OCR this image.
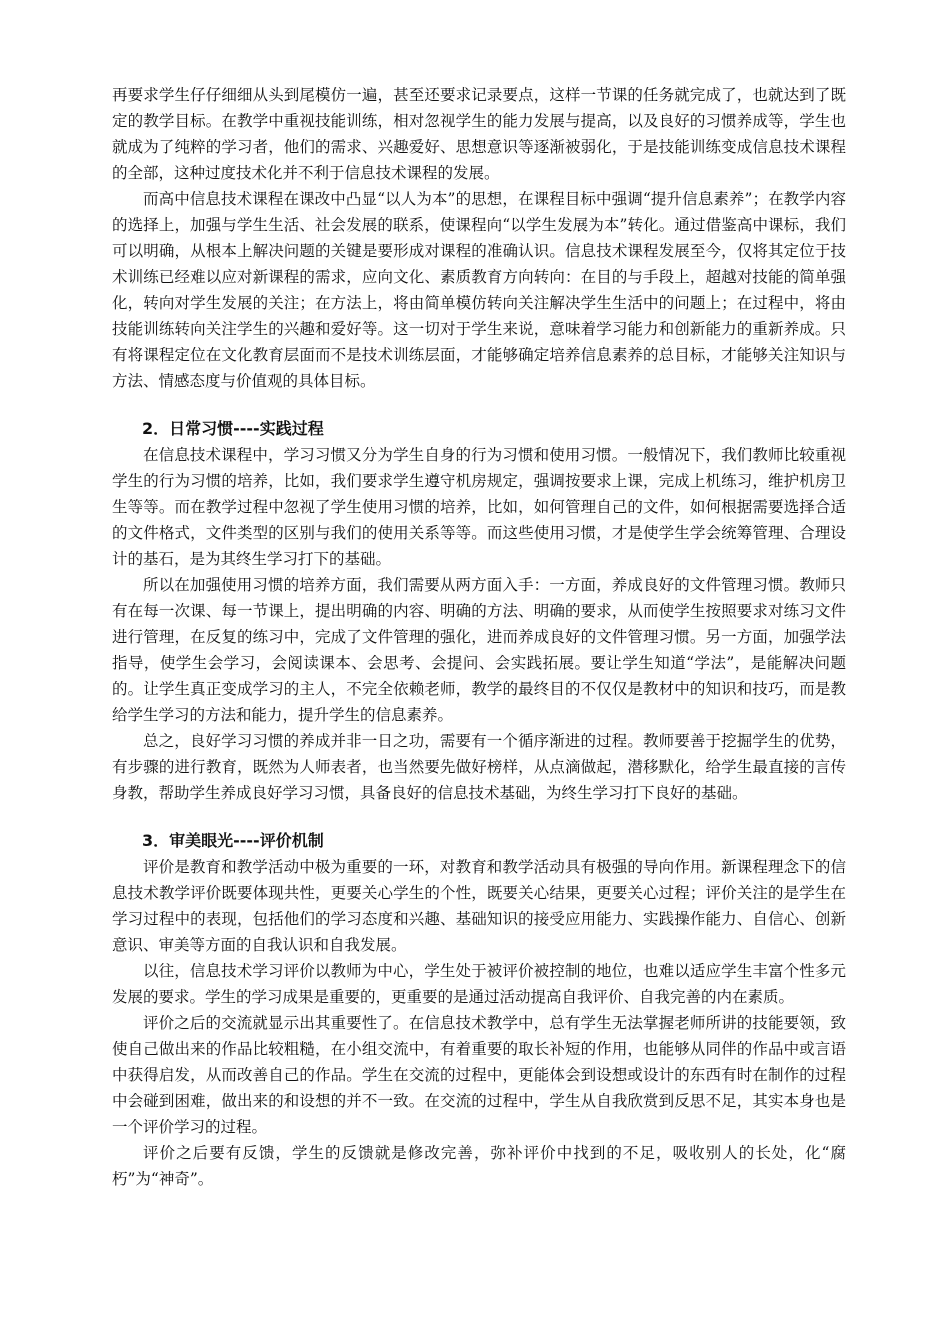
再要求学生仔仔细细从头到尾模仿一遍，甚至还要求记录要点，这样一节课的任务就完成了，也就达到了既定的教学目标。在教学中重视技能训练，相对忽视学生的能力发展与提高，以及良好的习惯养成等，学生也就成为了纯粹的学习者，他们的需求、兴趣爱好、思想意识等逐渐被弱化，于是技能训练变成信息技术课程的全部，这种过度技术化并不利于信息技术课程的发展。

而高中信息技术课程在课改中凸显“以人为本”的思想，在课程目标中强调“提升信息素养”；在教学内容的选择上，加强与学生生活、社会发展的联系，使课程向“以学生发展为本”转化。通过借鉴高中课标，我们可以明确，从根本上解决问题的关键是要形成对课程的准确认识。信息技术课程发展至今，仅将其定位于技术训练已经难以应对新课程的需求，应向文化、素质教育方向转向：在目的与手段上，超越对技能的简单强化，转向对学生发展的关注；在方法上，将由简单模仿转向关注解决学生生活中的问题上；在过程中，将由技能训练转向关注学生的兴趣和爱好等。这一切对于学生来说，意味着学习能力和创新能力的重新养成。只有将课程定位在文化教育层面而不是技术训练层面，才能够确定培养信息素养的总目标，才能够关注知识与方法、情感态度与价值观的具体目标。

2．日常习惯----实践过程

在信息技术课程中，学习习惯又分为学生自身的行为习惯和使用习惯。一般情况下，我们教师比较重视学生的行为习惯的培养，比如，我们要求学生遵守机房规定，强调按要求上课，完成上机练习，维护机房卫生等等。而在教学过程中忽视了学生使用习惯的培养，比如，如何管理自己的文件，如何根据需要选择合适的文件格式，文件类型的区别与我们的使用关系等等。而这些使用习惯，才是使学生学会统筹管理、合理设计的基石，是为其终生学习打下的基础。

所以在加强使用习惯的培养方面，我们需要从两方面入手：一方面，养成良好的文件管理习惯。教师只有在每一次课、每一节课上，提出明确的内容、明确的方法、明确的要求，从而使学生按照要求对练习文件进行管理，在反复的练习中，完成了文件管理的强化，进而养成良好的文件管理习惯。另一方面，加强学法指导，使学生会学习，会阅读课本、会思考、会提问、会实践拓展。要让学生知道“学法”，是能解决问题的。让学生真正变成学习的主人，不完全依赖老师，教学的最终目的不仅仅是教材中的知识和技巧，而是教给学生学习的方法和能力，提升学生的信息素养。

总之，良好学习习惯的养成并非一日之功，需要有一个循序渐进的过程。教师要善于挖掘学生的优势，有步骤的进行教育，既然为人师表者，也当然要先做好榜样，从点滴做起，潜移默化，给学生最直接的言传身教，帮助学生养成良好学习习惯，具备良好的信息技术基础，为终生学习打下良好的基础。

3．审美眼光----评价机制

评价是教育和教学活动中极为重要的一环，对教育和教学活动具有极强的导向作用。新课程理念下的信息技术教学评价既要体现共性，更要关心学生的个性，既要关心结果，更要关心过程；评价关注的是学生在学习过程中的表现，包括他们的学习态度和兴趣、基础知识的接受应用能力、实践操作能力、自信心、创新意识、审美等方面的自我认识和自我发展。

以往，信息技术学习评价以教师为中心，学生处于被评价被控制的地位，也难以适应学生丰富个性多元发展的要求。学生的学习成果是重要的，更重要的是通过活动提高自我评价、自我完善的内在素质。

评价之后的交流就显示出其重要性了。在信息技术教学中，总有学生无法掌握老师所讲的技能要领，致使自己做出来的作品比较粗糙，在小组交流中，有着重要的取长补短的作用，也能够从同伴的作品中或言语中获得启发，从而改善自己的作品。学生在交流的过程中，更能体会到设想或设计的东西有时在制作的过程中会碰到困难，做出来的和设想的并不一致。在交流的过程中，学生从自我欣赏到反思不足，其实本身也是一个评价学习的过程。

评价之后要有反馈，学生的反馈就是修改完善，弥补评价中找到的不足，吸收别人的长处，化“腐朽”为“神奇”。
